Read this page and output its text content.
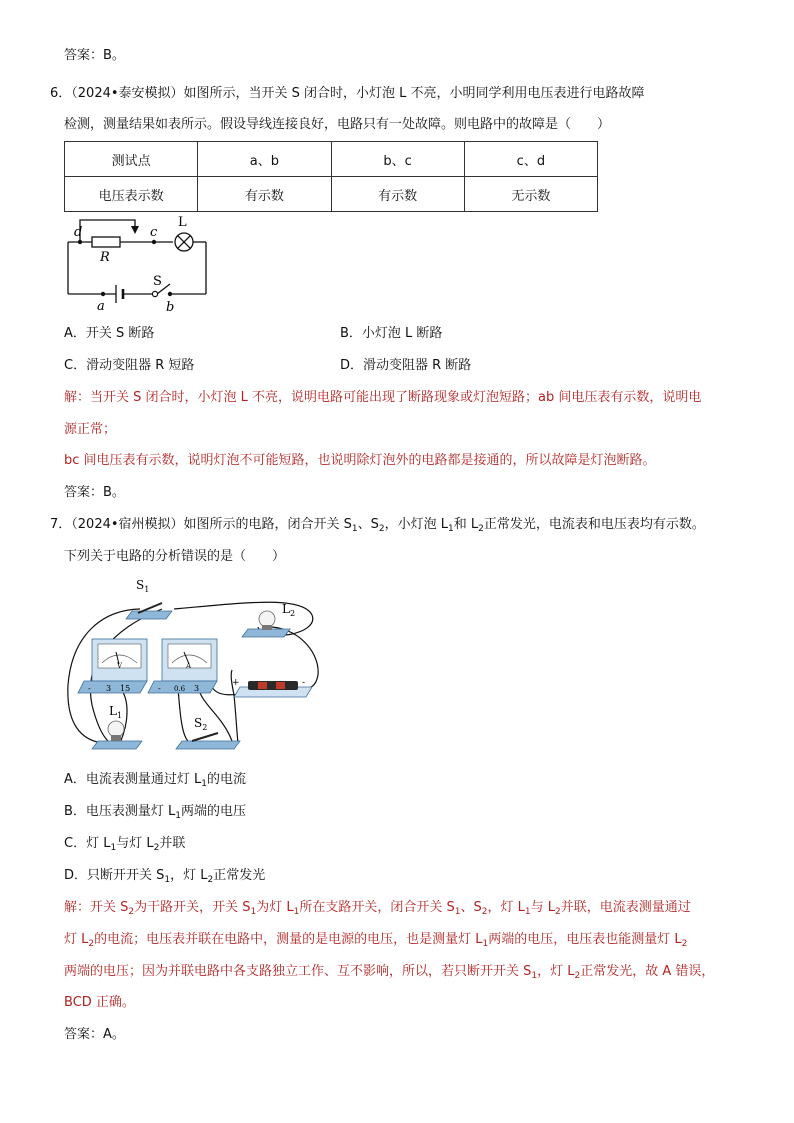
答案：B。
6．（2024•泰安模拟）如图所示，当开关 S 闭合时，小灯泡 L 不亮，小明同学利用电压表进行电路故障
检测，测量结果如表所示。假设导线连接良好，电路只有一处故障。则电路中的故障是（　　）
测试点	a、b	b、c	c、d
电压表示数	有示数	有示数	无示数
d	c
L
R
S
a	b
A．开关 S 断路	B．小灯泡 L 断路
C．滑动变阻器 R 短路	D．滑动变阻器 R 断路
解：当开关 S 闭合时，小灯泡 L 不亮，说明电路可能出现了断路现象或灯泡短路；ab 间电压表有示数，说明电
源正常；
bc 间电压表有示数，说明灯泡不可能短路，也说明除灯泡外的电路都是接通的，所以故障是灯泡断路。
答案：B。
7．（2024•宿州模拟）如图所示的电路，闭合开关 $S_1$、$S_2$，小灯泡 $L_1$和 $L_2$正常发光，电流表和电压表均有示数。
下列关于电路的分析错误的是（　　）
$S_1$
$L_2$
V
- 3 15
A
- 0.6 3
+	-
$L_1$
$S_2$
A．电流表测量通过灯 $L_1$的电流
B．电压表测量灯 $L_1$两端的电压
C．灯 $L_1$与灯 $L_2$并联
D．只断开开关 $S_1$，灯 $L_2$正常发光
解：开关 $S_2$为干路开关，开关 $S_1$为灯 $L_1$所在支路开关，闭合开关 $S_1$、$S_2$，灯 $L_1$与 $L_2$并联，电流表测量通过
灯 $L_2$的电流；电压表并联在电路中，测量的是电源的电压，也是测量灯 $L_1$两端的电压，电压表也能测量灯 $L_2$
两端的电压；因为并联电路中各支路独立工作、互不影响，所以，若只断开开关 $S_1$，灯 $L_2$正常发光，故 A 错误，
BCD 正确。
答案：A。
